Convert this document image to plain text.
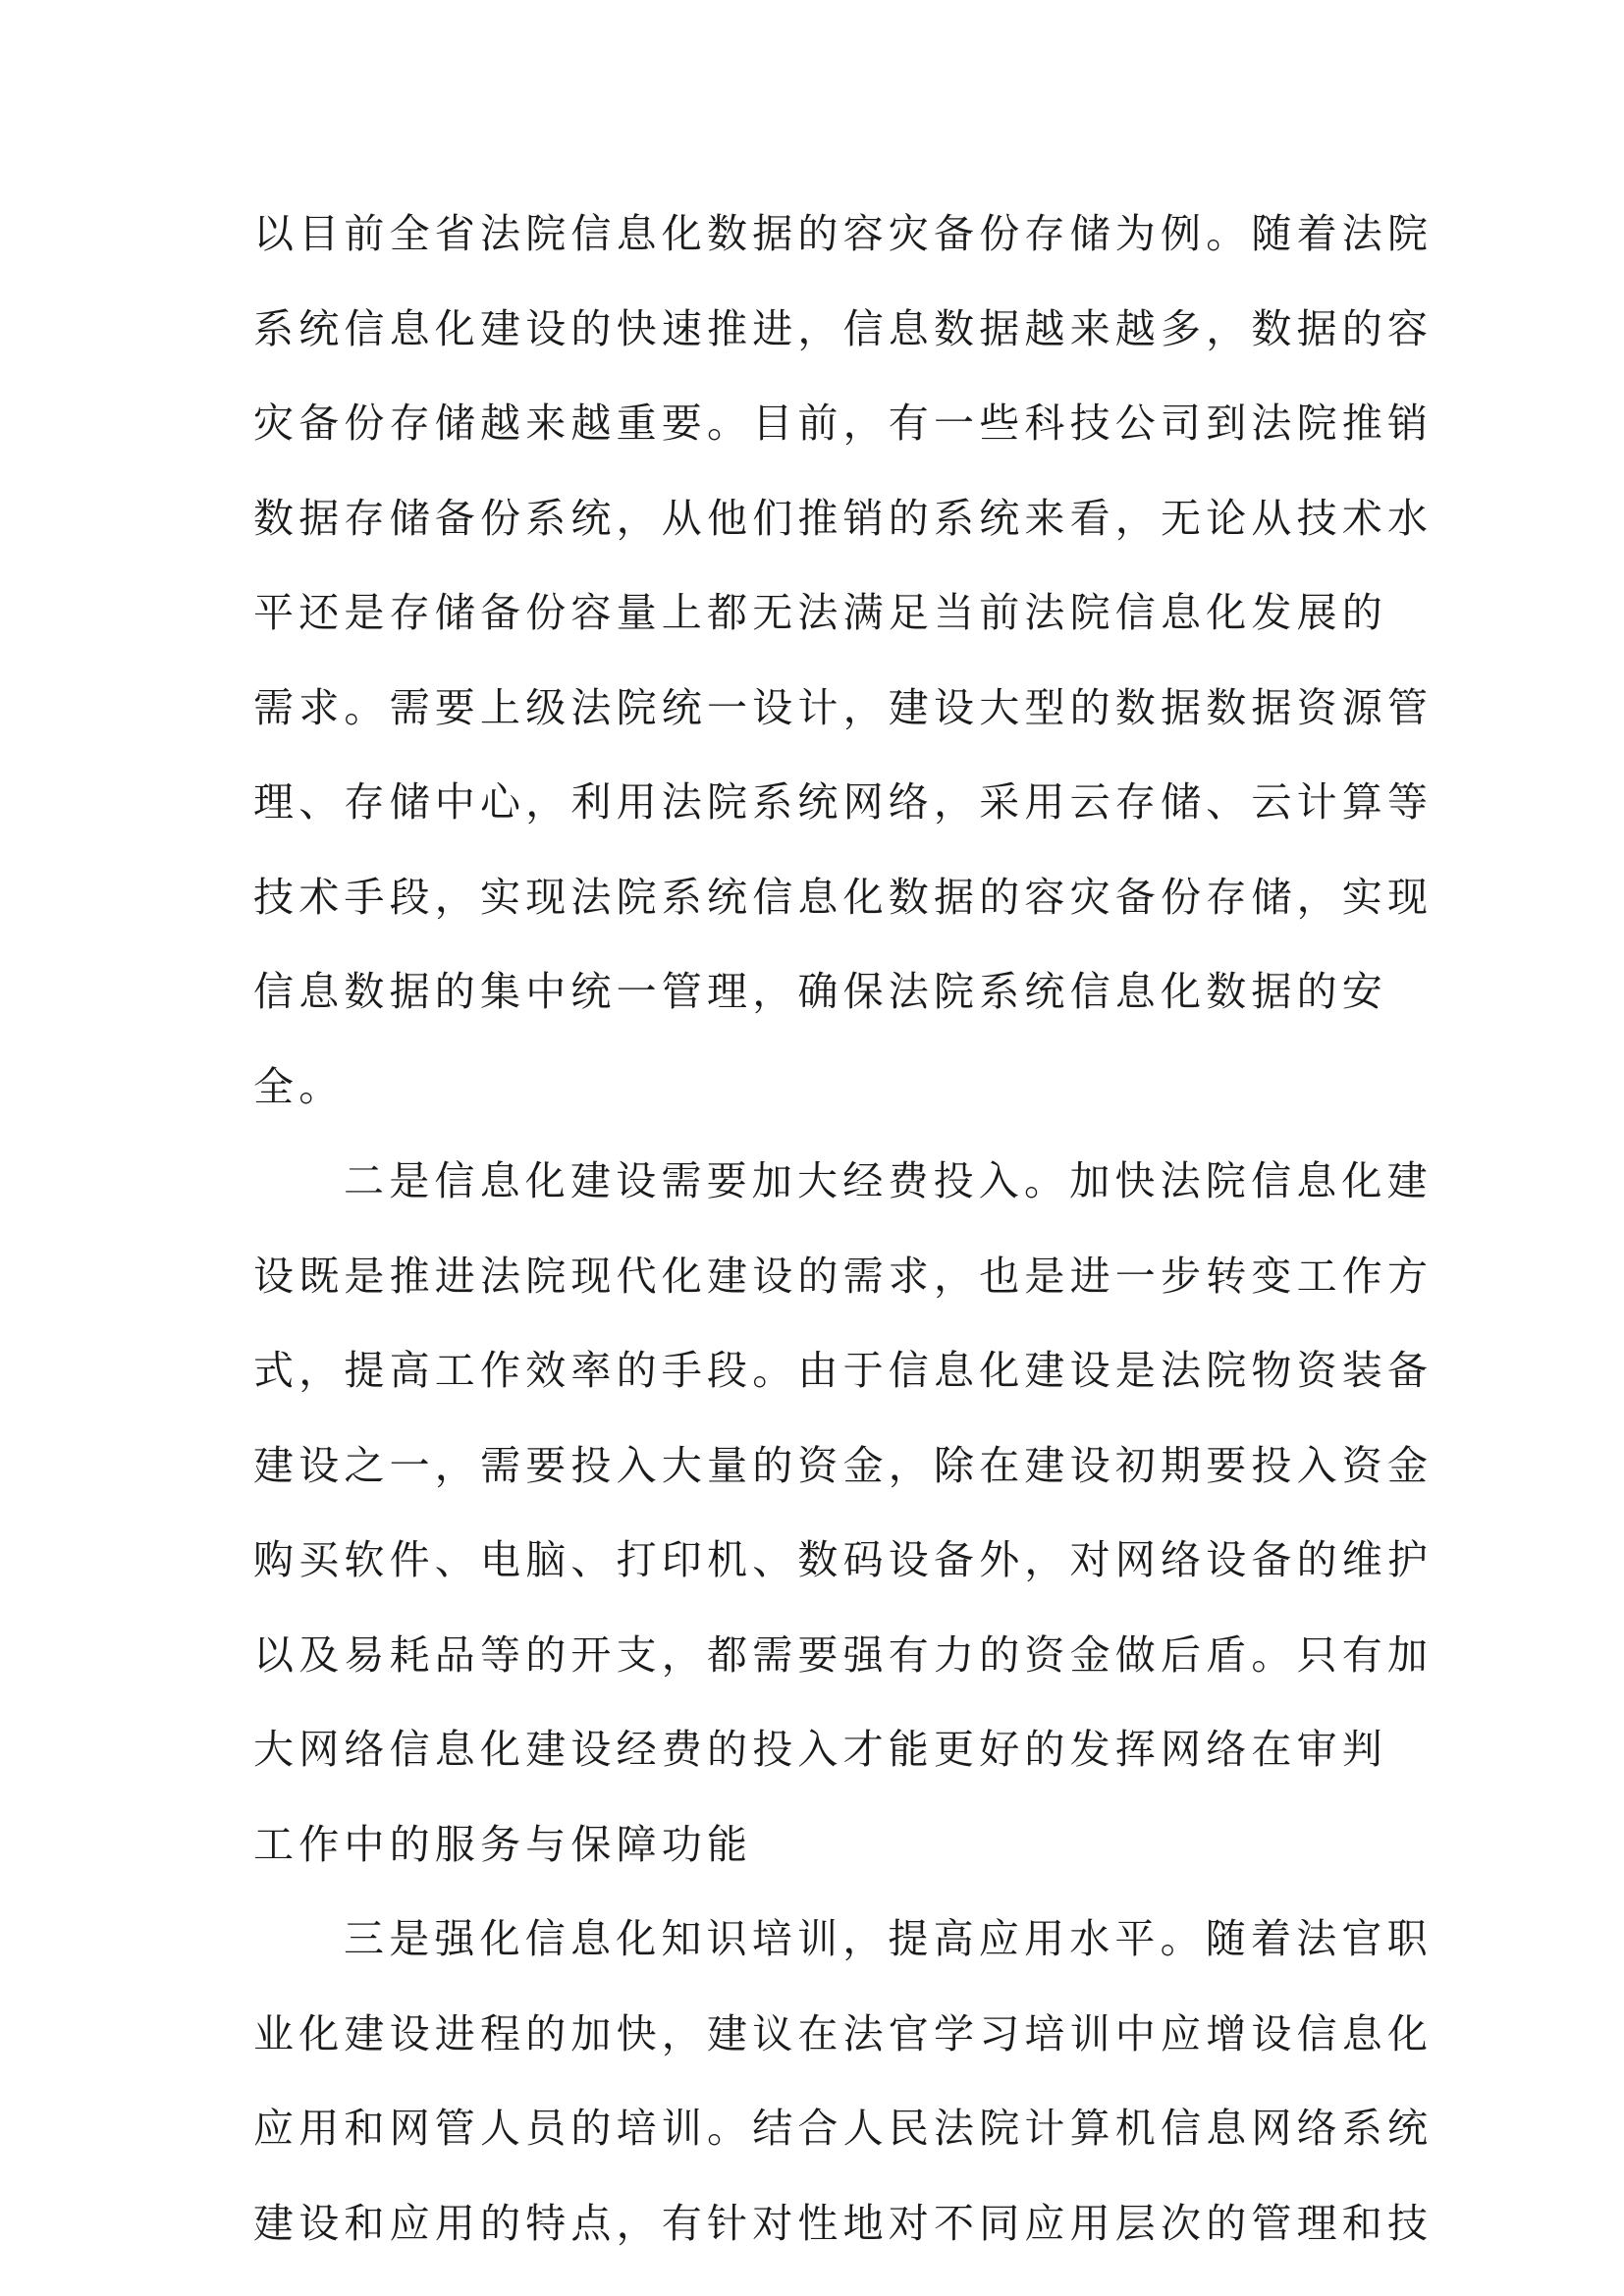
以目前全省法院信息化数据的容灾备份存储为例。随着法院
系统信息化建设的快速推进，信息数据越来越多，数据的容
灾备份存储越来越重要。目前，有一些科技公司到法院推销
数据存储备份系统，从他们推销的系统来看，无论从技术水
平还是存储备份容量上都无法满足当前法院信息化发展的
需求。需要上级法院统一设计，建设大型的数据数据资源管
理、存储中心，利用法院系统网络，采用云存储、云计算等
技术手段，实现法院系统信息化数据的容灾备份存储，实现
信息数据的集中统一管理，确保法院系统信息化数据的安
全。
二是信息化建设需要加大经费投入。加快法院信息化建
设既是推进法院现代化建设的需求，也是进一步转变工作方
式，提高工作效率的手段。由于信息化建设是法院物资装备
建设之一，需要投入大量的资金，除在建设初期要投入资金
购买软件、电脑、打印机、数码设备外，对网络设备的维护
以及易耗品等的开支，都需要强有力的资金做后盾。只有加
大网络信息化建设经费的投入才能更好的发挥网络在审判
工作中的服务与保障功能
三是强化信息化知识培训，提高应用水平。随着法官职
业化建设进程的加快，建议在法官学习培训中应增设信息化
应用和网管人员的培训。结合人民法院计算机信息网络系统
建设和应用的特点，有针对性地对不同应用层次的管理和技
